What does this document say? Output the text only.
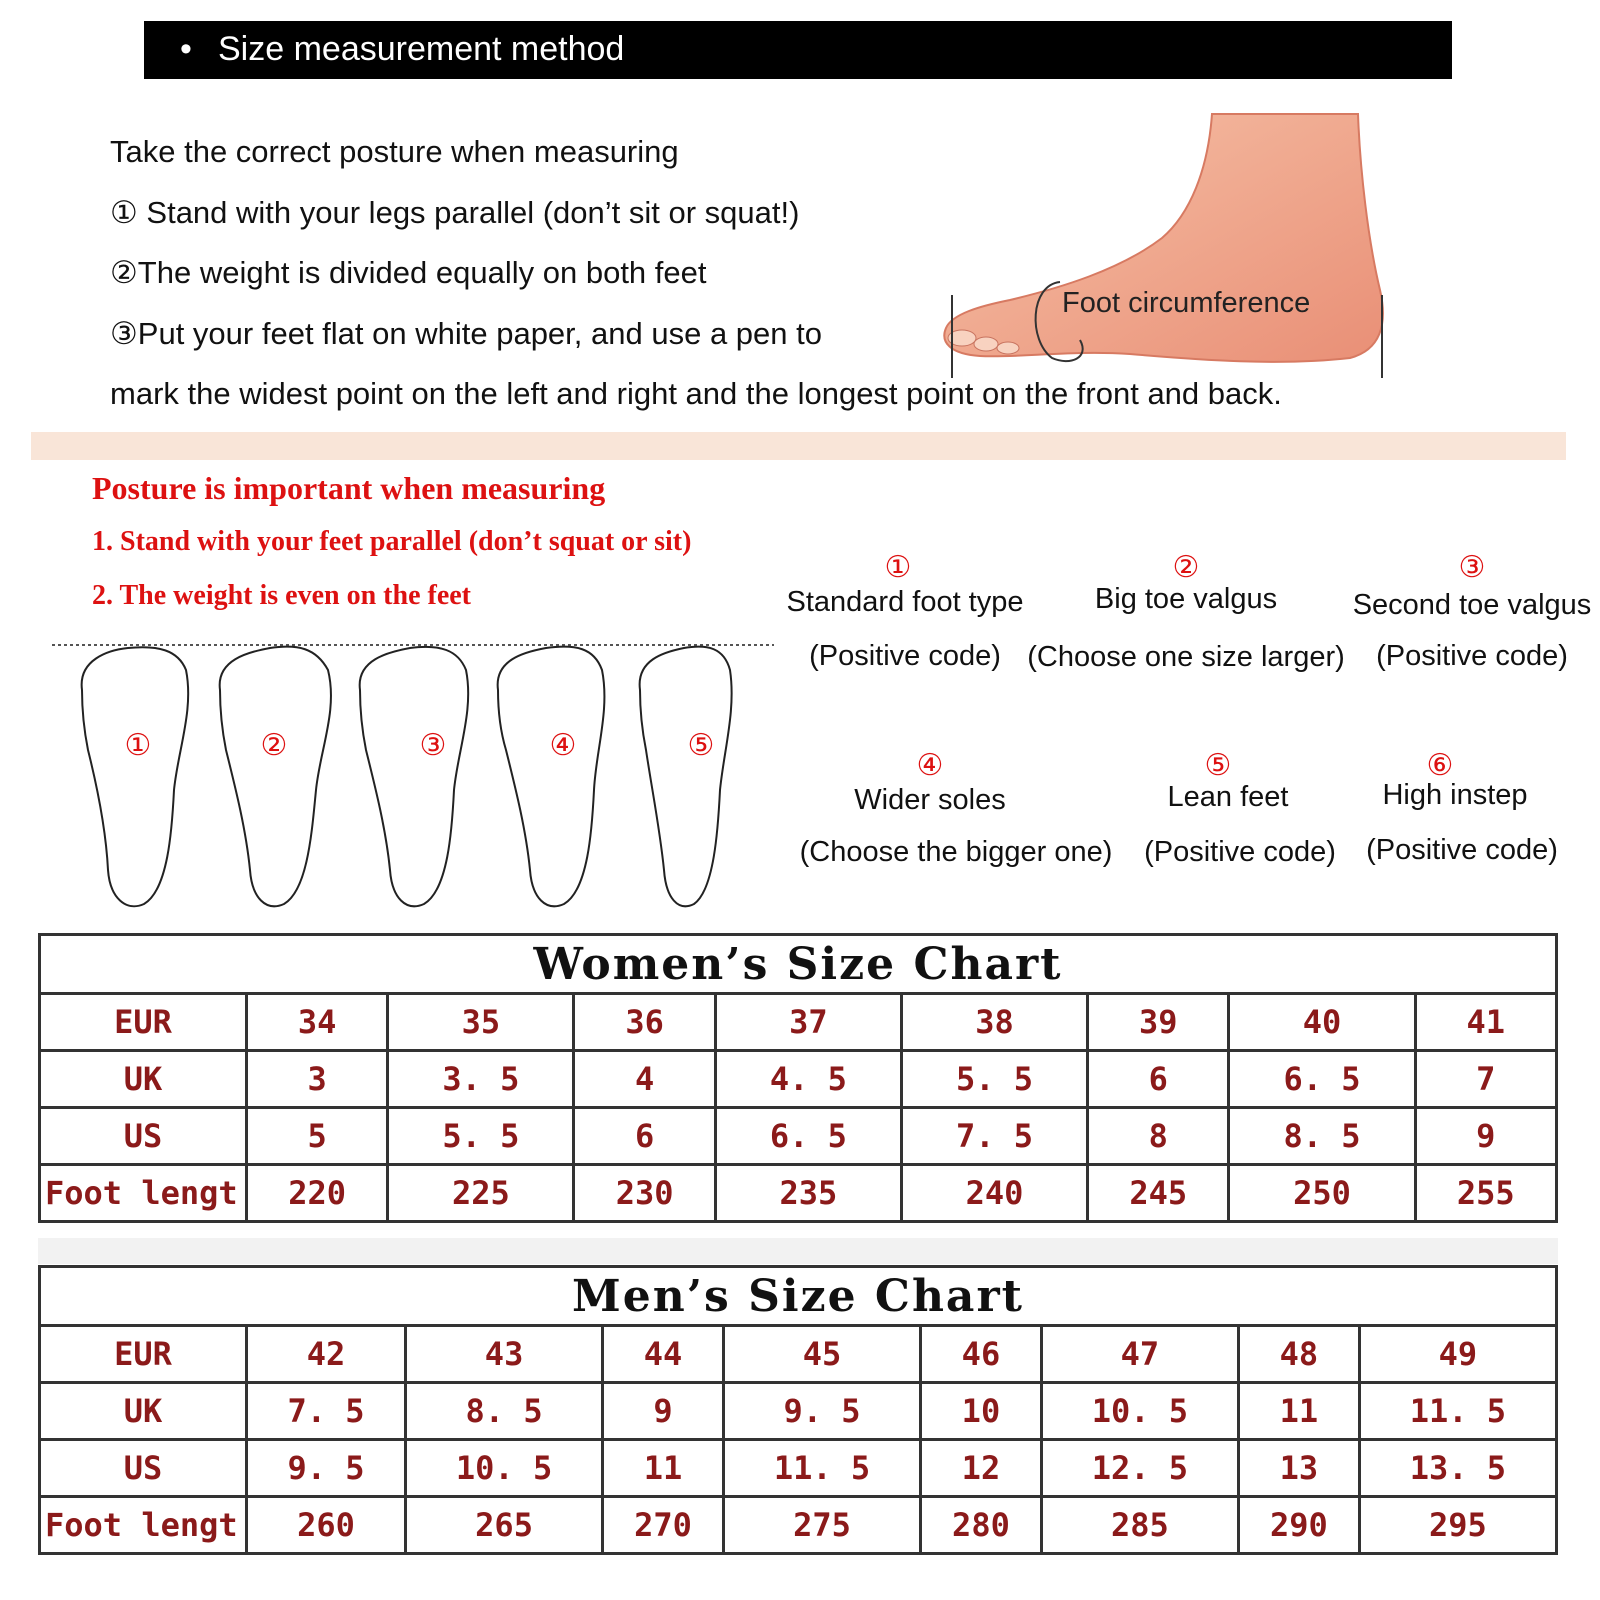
• Size measurement method
Take the correct posture when measuring
① Stand with your legs parallel (don’t sit or squat!)
②The weight is divided equally on both feet
③Put your feet flat on white paper, and use a pen to
mark the widest point on the left and right and the longest point on the front and back.
Foot circumference
Posture is important when measuring
1. Stand with your feet parallel (don’t squat or sit)
2. The weight is even on the feet
①	②	③	④	⑤
①
Standard foot type
(Positive code)
②
Big toe valgus
(Choose one size larger)
③
Second toe valgus
(Positive code)
④
Wider soles
(Choose the bigger one)
⑤
Lean feet
(Positive code)
⑥
High instep
(Positive code)
Women’s Size Chart								
EUR	34	35	36	37	38	39	40	41
UK	3	3. 5	4	4. 5	5. 5	6	6. 5	7
US	5	5. 5	6	6. 5	7. 5	8	8. 5	9
Foot lengt	220	225	230	235	240	245	250	255
Men’s Size Chart								
EUR	42	43	44	45	46	47	48	49
UK	7. 5	8. 5	9	9. 5	10	10. 5	11	11. 5
US	9. 5	10. 5	11	11. 5	12	12. 5	13	13. 5
Foot lengt	260	265	270	275	280	285	290	295
